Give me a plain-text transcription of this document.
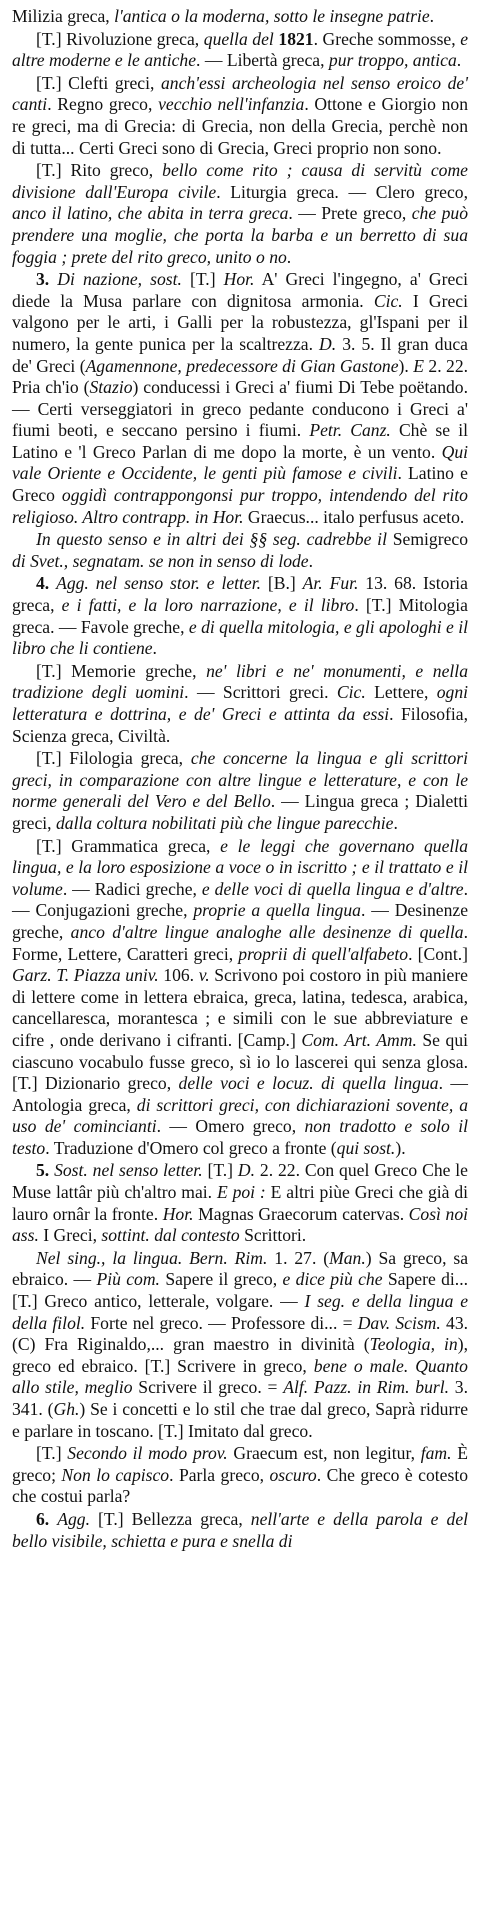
Milizia greca, l'antica o la moderna, sotto le insegne patrie.

[T.] Rivoluzione greca, quella del 1821. Greche sommosse, e altre moderne e le antiche. — Libertà greca, pur troppo, antica.

[T.] Clefti greci, anch'essi archeologia nel senso eroico de' canti. Regno greco, vecchio nell'infanzia. Ottone e Giorgio non re greci, ma di Grecia: di Grecia, non della Grecia, perchè non di tutta... Certi Greci sono di Grecia, Greci proprio non sono.

[T.] Rito greco, bello come rito ; causa di servitù come divisione dall'Europa civile. Liturgia greca. — Clero greco, anco il latino, che abita in terra greca. — Prete greco, che può prendere una moglie, che porta la barba e un berretto di sua foggia ; prete del rito greco, unito o no.

3. Di nazione, sost. [T.] Hor. A' Greci l'ingegno, a' Greci diede la Musa parlare con dignitosa armonia. Cic. I Greci valgono per le arti, i Galli per la robustezza, gl'Ispani per il numero, la gente punica per la scaltrezza. D. 3. 5. Il gran duca de' Greci (Agamennone, predecessore di Gian Gastone). E 2. 22. Pria ch'io (Stazio) conducessi i Greci a' fiumi Di Tebe poëtando. — Certi verseggiatori in greco pedante conducono i Greci a' fiumi beoti, e seccano persino i fiumi. Petr. Canz. Chè se il Latino e 'l Greco Parlan di me dopo la morte, è un vento. Qui vale Oriente e Occidente, le genti più famose e civili. Latino e Greco oggidì contrappongonsi pur troppo, intendendo del rito religioso. Altro contrapp. in Hor. Graecus... italo perfusus aceto.

In questo senso e in altri dei §§ seg. cadrebbe il Semigreco di Svet., segnatam. se non in senso di lode.

4. Agg. nel senso stor. e letter. [B.] Ar. Fur. 13. 68. Istoria greca, e i fatti, e la loro narrazione, e il libro. [T.] Mitologia greca. — Favole greche, e di quella mitologia, e gli apologhi e il libro che li contiene.

[T.] Memorie greche, ne' libri e ne' monumenti, e nella tradizione degli uomini. — Scrittori greci. Cic. Lettere, ogni letteratura e dottrina, e de' Greci e attinta da essi. Filosofia, Scienza greca, Civiltà.

[T.] Filologia greca, che concerne la lingua e gli scrittori greci, in comparazione con altre lingue e letterature, e con le norme generali del Vero e del Bello. — Lingua greca ; Dialetti greci, dalla coltura nobilitati più che lingue parecchie.

[T.] Grammatica greca, e le leggi che governano quella lingua, e la loro esposizione a voce o in iscritto ; e il trattato e il volume. — Radici greche, e delle voci di quella lingua e d'altre. — Conjugazioni greche, proprie a quella lingua. — Desinenze greche, anco d'altre lingue analoghe alle desinenze di quella. Forme, Lettere, Caratteri greci, proprii di quell'alfabeto. [Cont.] Garz. T. Piazza univ. 106. v. Scrivono poi costoro in più maniere di lettere come in lettera ebraica, greca, latina, tedesca, arabica, cancellaresca, morantesca ; e simili con le sue abbreviature e cifre , onde derivano i cifranti. [Camp.] Com. Art. Amm. Se qui ciascuno vocabulo fusse greco, sì io lo lascerei qui senza glosa. [T.] Dizionario greco, delle voci e locuz. di quella lingua. — Antologia greca, di scrittori greci, con dichiarazioni sovente, a uso de' comincianti. — Omero greco, non tradotto e solo il testo. Traduzione d'Omero col greco a fronte (qui sost.).

5. Sost. nel senso letter. [T.] D. 2. 22. Con quel Greco Che le Muse lattâr più ch'altro mai. E poi : E altri piùe Greci che già di lauro ornâr la fronte. Hor. Magnas Graecorum catervas. Così noi ass. I Greci, sottint. dal contesto Scrittori.

Nel sing., la lingua. Bern. Rim. 1. 27. (Man.) Sa greco, sa ebraico. — Più com. Sapere il greco, e dice più che Sapere di... [T.] Greco antico, letterale, volgare. — I seg. e della lingua e della filol. Forte nel greco. — Professore di... = Dav. Scism. 43. (C) Fra Riginaldo,... gran maestro in divinità (Teologia, in), greco ed ebraico. [T.] Scrivere in greco, bene o male. Quanto allo stile, meglio Scrivere il greco. = Alf. Pazz. in Rim. burl. 3. 341. (Gh.) Se i concetti e lo stil che trae dal greco, Saprà ridurre e parlare in toscano. [T.] Imitato dal greco.

[T.] Secondo il modo prov. Graecum est, non legitur, fam. È greco; Non lo capisco. Parla greco, oscuro. Che greco è cotesto che costui parla?

6. Agg. [T.] Bellezza greca, nell'arte e della parola e del bello visibile, schietta e pura e snella di
